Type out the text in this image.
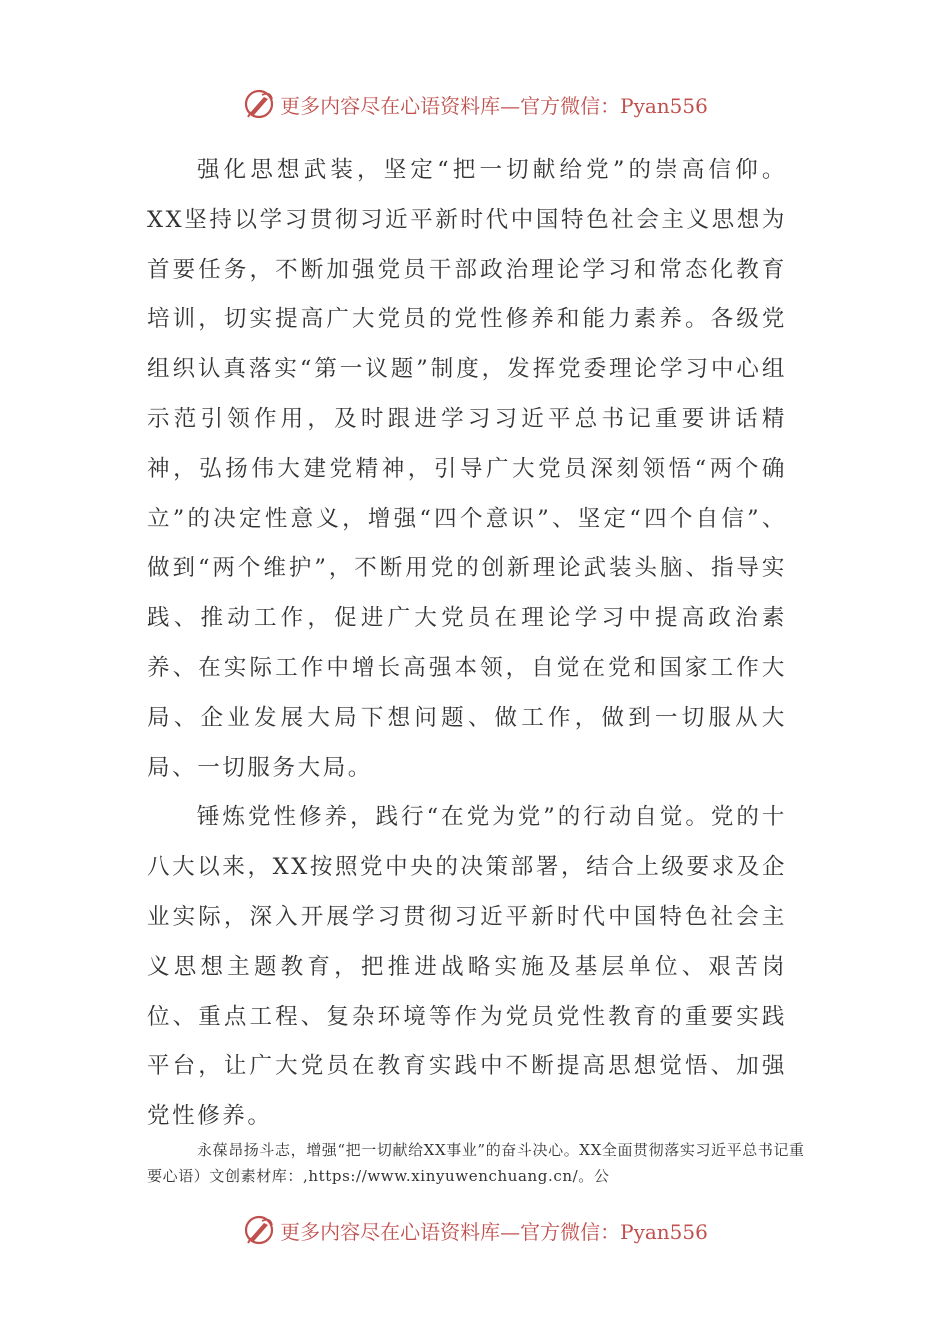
更多内容尽在心语资料库—官方微信：Pyan556

强化思想武装，坚定“把一切献给党”的崇高信仰。XX坚持以学习贯彻习近平新时代中国特色社会主义思想为首要任务，不断加强党员干部政治理论学习和常态化教育培训，切实提高广大党员的党性修养和能力素养。各级党组织认真落实“第一议题”制度，发挥党委理论学习中心组示范引领作用，及时跟进学习习近平总书记重要讲话精神，弘扬伟大建党精神，引导广大党员深刻领悟“两个确立”的决定性意义，增强“四个意识”、坚定“四个自信”、做到“两个维护”，不断用党的创新理论武装头脑、指导实践、推动工作，促进广大党员在理论学习中提高政治素养、在实际工作中增长高强本领，自觉在党和国家工作大局、企业发展大局下想问题、做工作，做到一切服从大局、一切服务大局。

锤炼党性修养，践行“在党为党”的行动自觉。党的十八大以来，XX按照党中央的决策部署，结合上级要求及企业实际，深入开展学习贯彻习近平新时代中国特色社会主义思想主题教育，把推进战略实施及基层单位、艰苦岗位、重点工程、复杂环境等作为党员党性教育的重要实践平台，让广大党员在教育实践中不断提高思想觉悟、加强党性修养。

永葆昂扬斗志，增强“把一切献给XX事业”的奋斗决心。XX全面贯彻落实习近平总书记重要心语）文创素材库：,https://www.xinyuwenchuang.cn/。公

更多内容尽在心语资料库—官方微信：Pyan556
